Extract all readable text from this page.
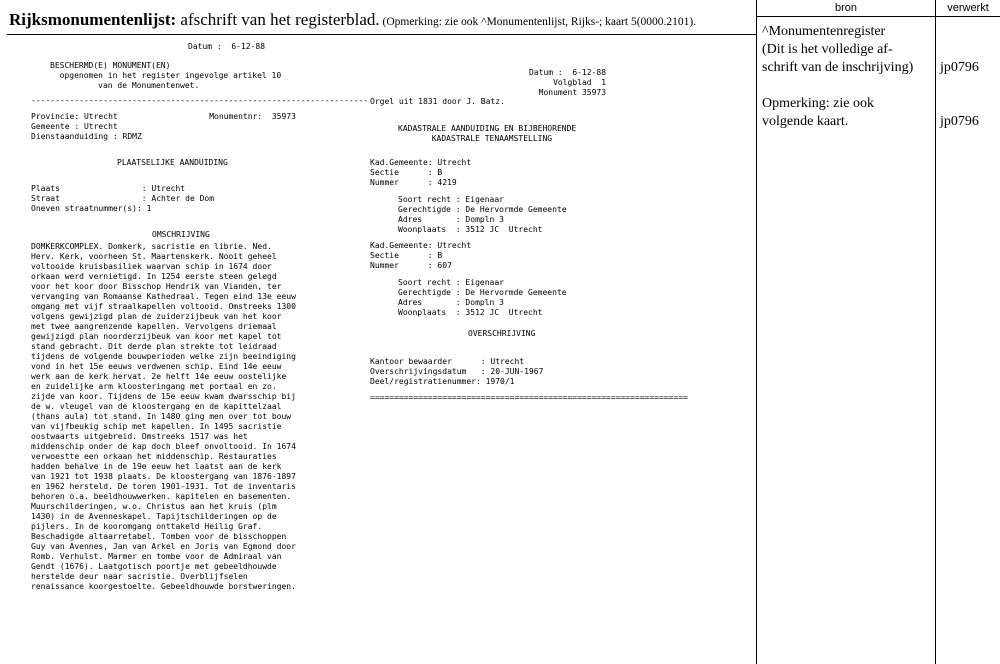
Rijksmonumentenlijst: afschrift van het registerblad. (Opmerking: zie ook ^Monumentenlijst, Rijks-; kaart 5(0000.2101).
Datum :  6-12-88
BESCHERMD(E) MONUMENT(EN)
opgenomen in het register ingevolge artikel 10
van de Monumentenwet.
----------------------------------------------------------------------
Provincie: Utrecht                   Monumentnr:  35973
Gemeente : Utrecht
Dienstaanduiding : RDMZ
PLAATSELIJKE AANDUIDING
Plaats                 : Utrecht
Straat                 : Achter de Dom
Oneven straatnummer(s): 1
OMSCHRIJVING
DOMKERKCOMPLEX. Domkerk, sacristie en librie. Ned.
Herv. Kerk, voorheen St. Maartenskerk. Nooit geheel
voltooide kruisbasiliek waarvan schip in 1674 door
orkaan werd vernietigd. In 1254 eerste steen gelegd
voor het koor door Bisschop Hendrik van Vianden, ter
vervanging van Romaanse Kathedraal. Tegen eind 13e eeuw
omgang met vijf straalkapellen voltooid. Omstreeks 1300
volgens gewijzigd plan de zuiderzijbeuk van het koor
met twee aangrenzende kapellen. Vervolgens driemaal
gewijzigd plan noorderzijbeuk van koor met kapel tot
stand gebracht. Dit derde plan strekte tot leidraad
tijdens de volgende bouwperioden welke zijn beeindiging
vond in het 15e eeuws verdwenen schip. Eind 14e eeuw
werk aan de kerk hervat. 2e helft 14e eeuw oostelijke
en zuidelijke arm kloosteringang met portaal en zo.
zijde van koor. Tijdens de 15e eeuw kwam dwarsschip bij
de w. vleugel van de kloostergang en de kapittelzaal
(thans aula) tot stand. In 1480 ging men over tot bouw
van vijfbeukig schip met kapellen. In 1495 sacristie
oostwaarts uitgebreid. Omstreeks 1517 was het
middenschip onder de kap doch bleef onvoltooid. In 1674
verwoestte een orkaan het middenschip. Restauraties
hadden behalve in de 19e eeuw het laatst aan de kerk
van 1921 tot 1938 plaats. De kloostergang van 1876-1897
en 1962 hersteld. De toren 1901-1931. Tot de inventaris
behoren o.a. beeldhouwwerken. kapitelen en basementen.
Muurschilderingen, w.o. Christus aan het kruis (plm
1430) in de Avenneskapel. Tapijtschilderingen op de
pijlers. In de kooromgang onttakeld Heilig Graf.
Beschadigde altaarretabel. Tomben voor de bisschoppen
Guy van Avennes, Jan van Arkel en Joris van Egmond door
Romb. Verhulst. Marmer en tombe voor de Admiraal van
Gendt (1676). Laatgotisch poortje met gebeeldhouwde
herstelde deur naar sacristie. Overblijfselen
renaissance koorgestoelte. Gebeeldhouwde borstweringen.
Datum :  6-12-88
Volgblad  1
Monument 35973
Orgel uit 1831 door J. Batz.
KADASTRALE AANDUIDING EN BIJBEHORENDE
KADASTRALE TENAAMSTELLING
Kad.Gemeente: Utrecht
Sectie      : B
Nummer      : 4219
Soort recht : Eigenaar
Gerechtigde : De Hervormde Gemeente
Adres       : Dompln 3
Woonplaats  : 3512 JC  Utrecht
Kad.Gemeente: Utrecht
Sectie      : B
Nummer      : 607
Soort recht : Eigenaar
Gerechtigde : De Hervormde Gemeente
Adres       : Dompln 3
Woonplaats  : 3512 JC  Utrecht
OVERSCHRIJVING
Kantoor bewaarder      : Utrecht
Overschrijvingsdatum   : 20-JUN-1967
Deel/registratienummer: 1970/1
==================================================================
bron	verwerkt
^Monumentenregister
(Dit is het volledige af-
schrift van de inschrijving) jp0796
Opmerking: zie ook
volgende kaart.	jp0796
